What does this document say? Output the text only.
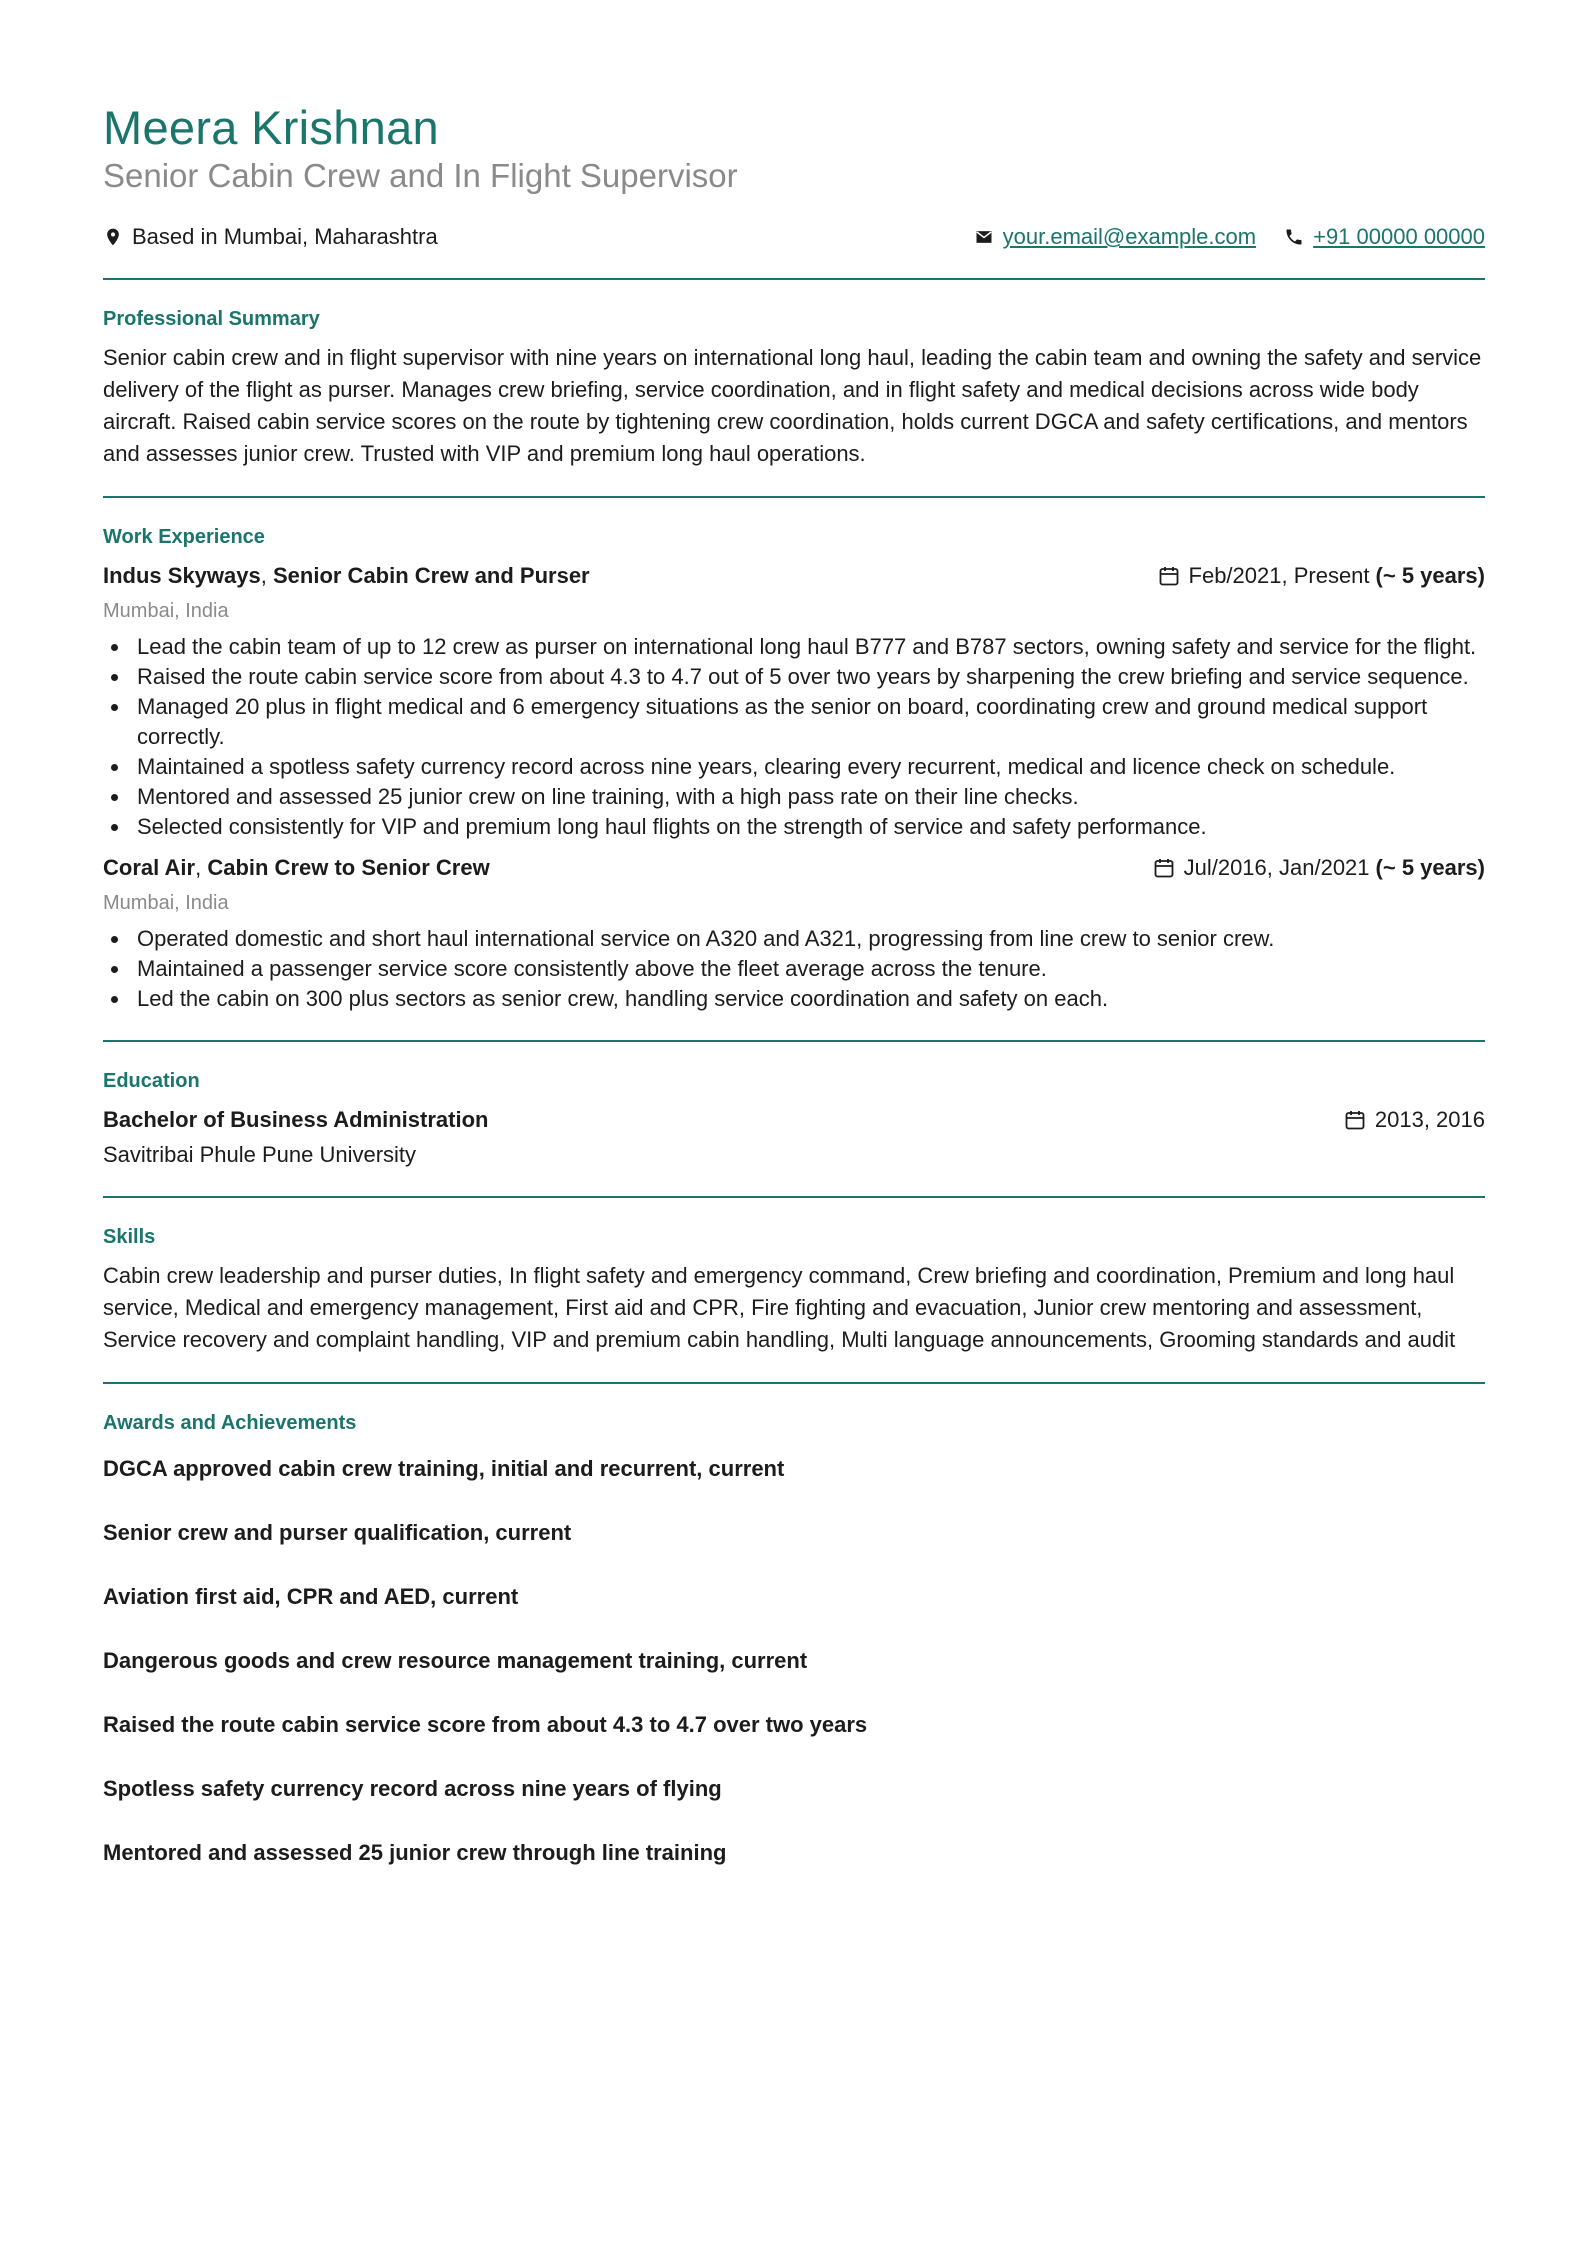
Meera Krishnan
Senior Cabin Crew and In Flight Supervisor
Based in Mumbai, Maharashtra	your.email@example.com	+91 00000 00000
Professional Summary

Senior cabin crew and in flight supervisor with nine years on international long haul, leading the cabin team and owning the safety and service delivery of the flight as purser. Manages crew briefing, service coordination, and in flight safety and medical decisions across wide body aircraft. Raised cabin service scores on the route by tightening crew coordination, holds current DGCA and safety certifications, and mentors and assesses junior crew. Trusted with VIP and premium long haul operations.

Work Experience
Indus Skyways, Senior Cabin Crew and Purser	Feb/2021, Present (~ 5 years)
Mumbai, India
Lead the cabin team of up to 12 crew as purser on international long haul B777 and B787 sectors, owning safety and service for the flight.
Raised the route cabin service score from about 4.3 to 4.7 out of 5 over two years by sharpening the crew briefing and service sequence.
Managed 20 plus in flight medical and 6 emergency situations as the senior on board, coordinating crew and ground medical support correctly.
Maintained a spotless safety currency record across nine years, clearing every recurrent, medical and licence check on schedule.
Mentored and assessed 25 junior crew on line training, with a high pass rate on their line checks.
Selected consistently for VIP and premium long haul flights on the strength of service and safety performance.
Coral Air, Cabin Crew to Senior Crew	Jul/2016, Jan/2021 (~ 5 years)
Mumbai, India
Operated domestic and short haul international service on A320 and A321, progressing from line crew to senior crew.
Maintained a passenger service score consistently above the fleet average across the tenure.
Led the cabin on 300 plus sectors as senior crew, handling service coordination and safety on each.
Education
Bachelor of Business Administration	2013, 2016
Savitribai Phule Pune University
Skills

Cabin crew leadership and purser duties, In flight safety and emergency command, Crew briefing and coordination, Premium and long haul service, Medical and emergency management, First aid and CPR, Fire fighting and evacuation, Junior crew mentoring and assessment, Service recovery and complaint handling, VIP and premium cabin handling, Multi language announcements, Grooming standards and audit

Awards and Achievements
DGCA approved cabin crew training, initial and recurrent, current
Senior crew and purser qualification, current
Aviation first aid, CPR and AED, current
Dangerous goods and crew resource management training, current
Raised the route cabin service score from about 4.3 to 4.7 over two years
Spotless safety currency record across nine years of flying
Mentored and assessed 25 junior crew through line training
